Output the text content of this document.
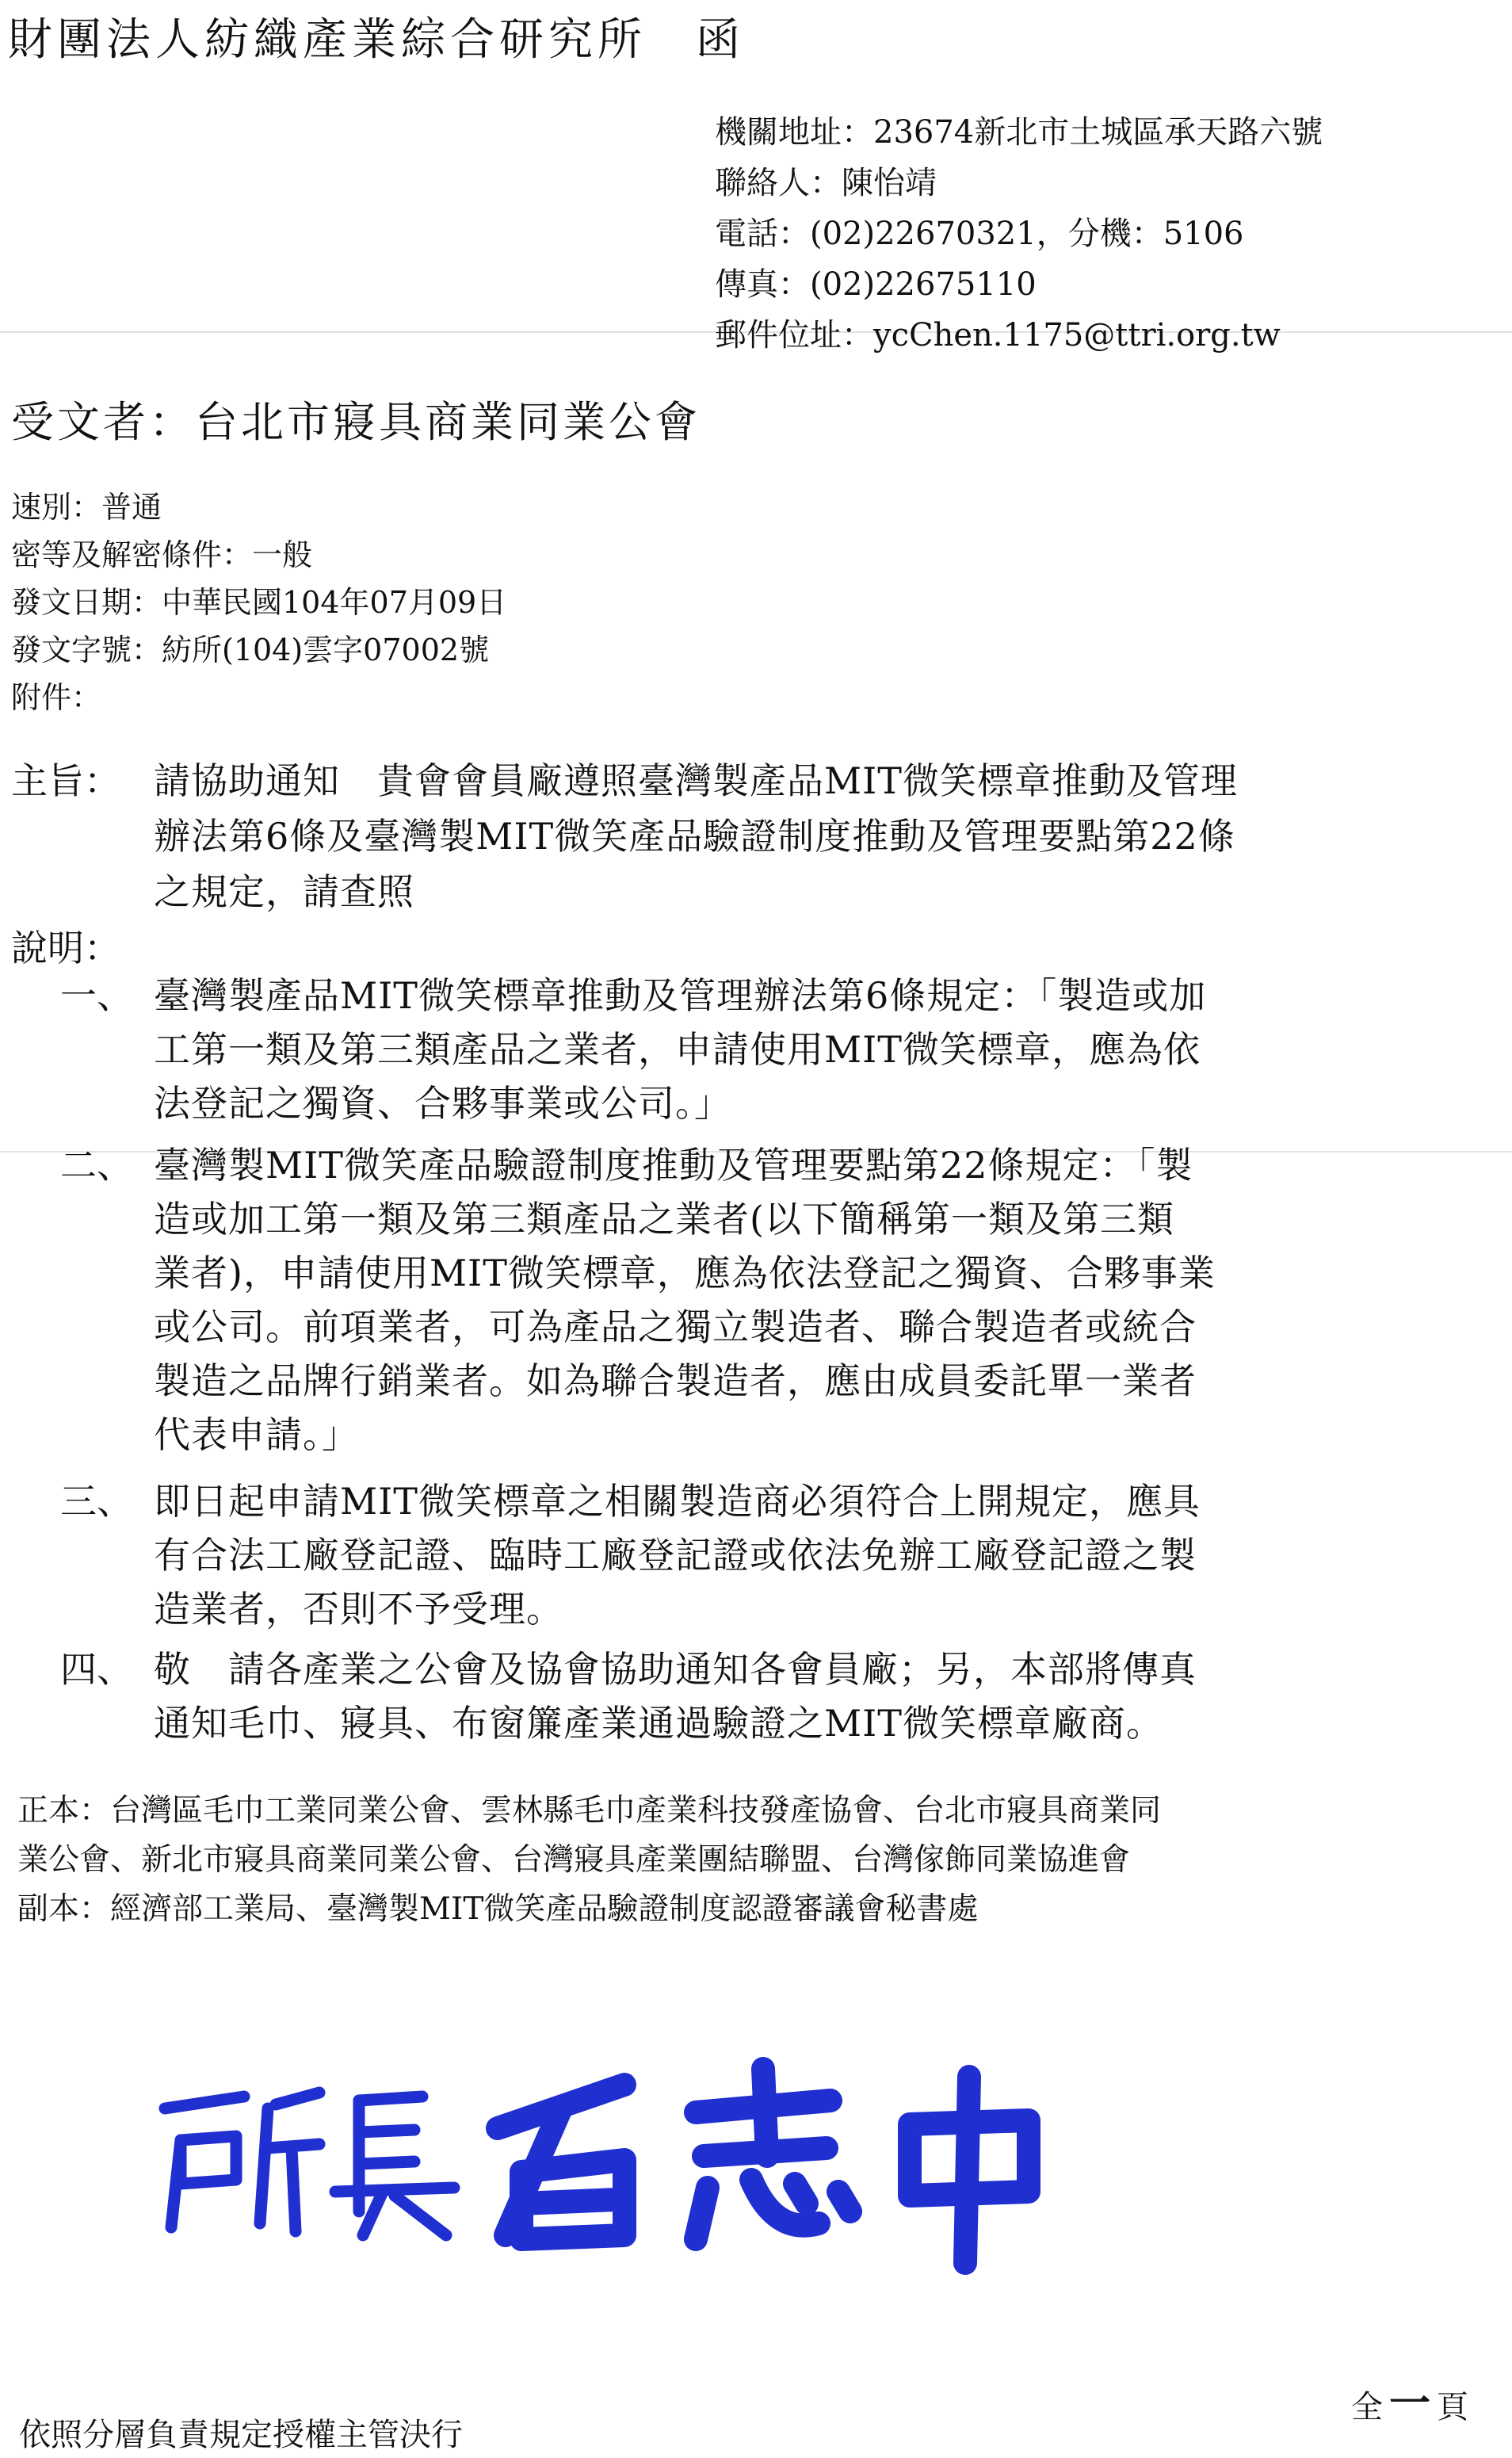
財團法人紡織產業綜合研究所　函
機關地址：23674新北市土城區承天路六號
聯絡人：陳怡靖
電話：(02)22670321，分機：5106
傳真：(02)22675110
郵件位址：ycChen.1175@ttri.org.tw
受文者：台北市寢具商業同業公會
速別：普通
密等及解密條件：一般
發文日期：中華民國104年07月09日
發文字號：紡所(104)雲字07002號
附件：
主旨： 請協助通知　貴會會員廠遵照臺灣製產品MIT微笑標章推動及管理
辦法第6條及臺灣製MIT微笑產品驗證制度推動及管理要點第22條
之規定，請查照
說明：
一、 臺灣製產品MIT微笑標章推動及管理辦法第6條規定：「製造或加
工第一類及第三類產品之業者，申請使用MIT微笑標章，應為依
法登記之獨資、合夥事業或公司。」
二、 臺灣製MIT微笑產品驗證制度推動及管理要點第22條規定：「製
造或加工第一類及第三類產品之業者(以下簡稱第一類及第三類
業者)，申請使用MIT微笑標章，應為依法登記之獨資、合夥事業
或公司。前項業者，可為產品之獨立製造者、聯合製造者或統合
製造之品牌行銷業者。如為聯合製造者，應由成員委託單一業者
代表申請。」
三、 即日起申請MIT微笑標章之相關製造商必須符合上開規定，應具
有合法工廠登記證、臨時工廠登記證或依法免辦工廠登記證之製
造業者，否則不予受理。
四、 敬　請各產業之公會及協會協助通知各會員廠；另，本部將傳真
通知毛巾、寢具、布窗簾產業通過驗證之MIT微笑標章廠商。
正本：台灣區毛巾工業同業公會、雲林縣毛巾產業科技發產協會、台北市寢具商業同
業公會、新北市寢具商業同業公會、台灣寢具產業團結聯盟、台灣傢飾同業協進會
副本：經濟部工業局、臺灣製MIT微笑產品驗證制度認證審議會秘書處
全 一 頁
依照分層負責規定授權主管決行
